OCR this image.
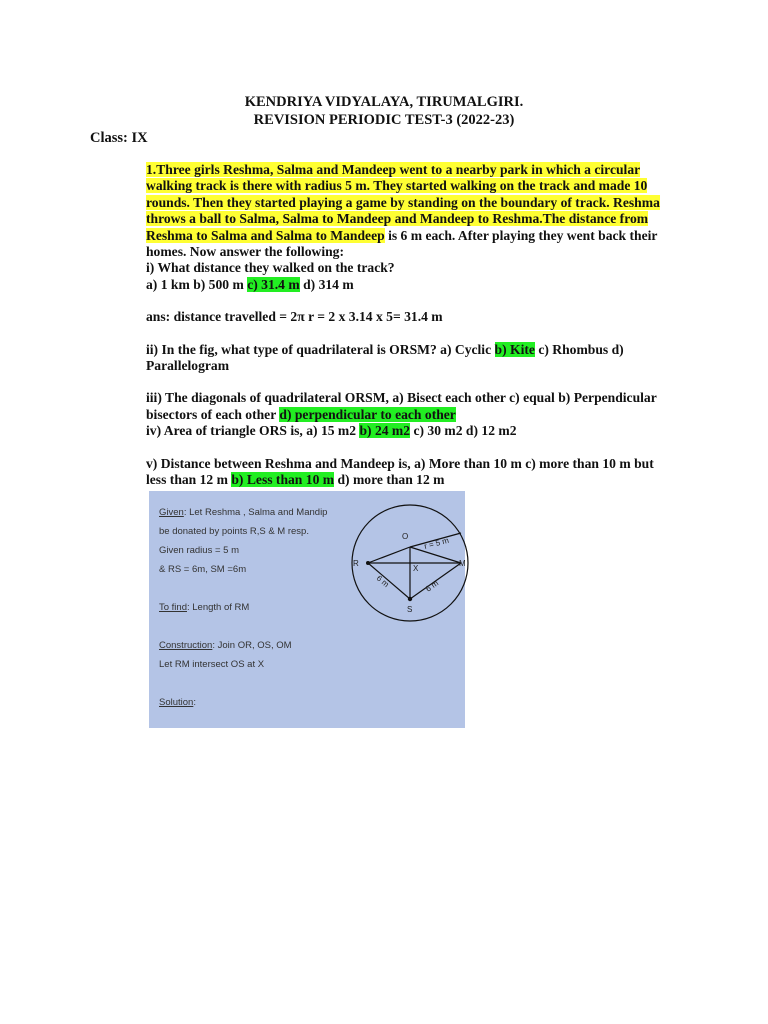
KENDRIYA VIDYALAYA, TIRUMALGIRI.
REVISION PERIODIC TEST-3 (2022-23)
Class: IX
1.Three girls Reshma, Salma and Mandeep went to a nearby park in which a circular walking track is there with radius 5 m. They started walking on the track and made 10 rounds. Then they started playing a game by standing on the boundary of track. Reshma throws a ball to Salma, Salma to Mandeep and Mandeep to Reshma.The distance from Reshma to Salma and Salma to Mandeep is 6 m each. After playing they went back their homes. Now answer the following:
i) What distance they walked on the track?
a) 1 km b) 500 m c) 31.4 m d) 314 m
ans: distance travelled = 2π r = 2 x 3.14 x 5= 31.4 m
ii) In the fig, what type of quadrilateral is ORSM? a) Cyclic b) Kite c) Rhombus d) Parallelogram
iii) The diagonals of quadrilateral ORSM, a) Bisect each other c) equal b) Perpendicular bisectors of each other d) perpendicular to each other
iv) Area of triangle ORS is, a) 15 m2 b) 24 m2 c) 30 m2 d) 12 m2
v) Distance between Reshma and Mandeep is, a) More than 10 m c) more than 10 m but less than 12 m b) Less than 10 m d) more than 12 m
Given: Let Reshma , Salma and Mandip
be donated by points R,S & M resp.
Given radius = 5 m
& RS = 6m, SM =6m
To find: Length of RM
Construction: Join OR, OS, OM
Let RM intersect OS at X
Solution:
O
R	M
S
X
r = 5 m
6 m	6 m
